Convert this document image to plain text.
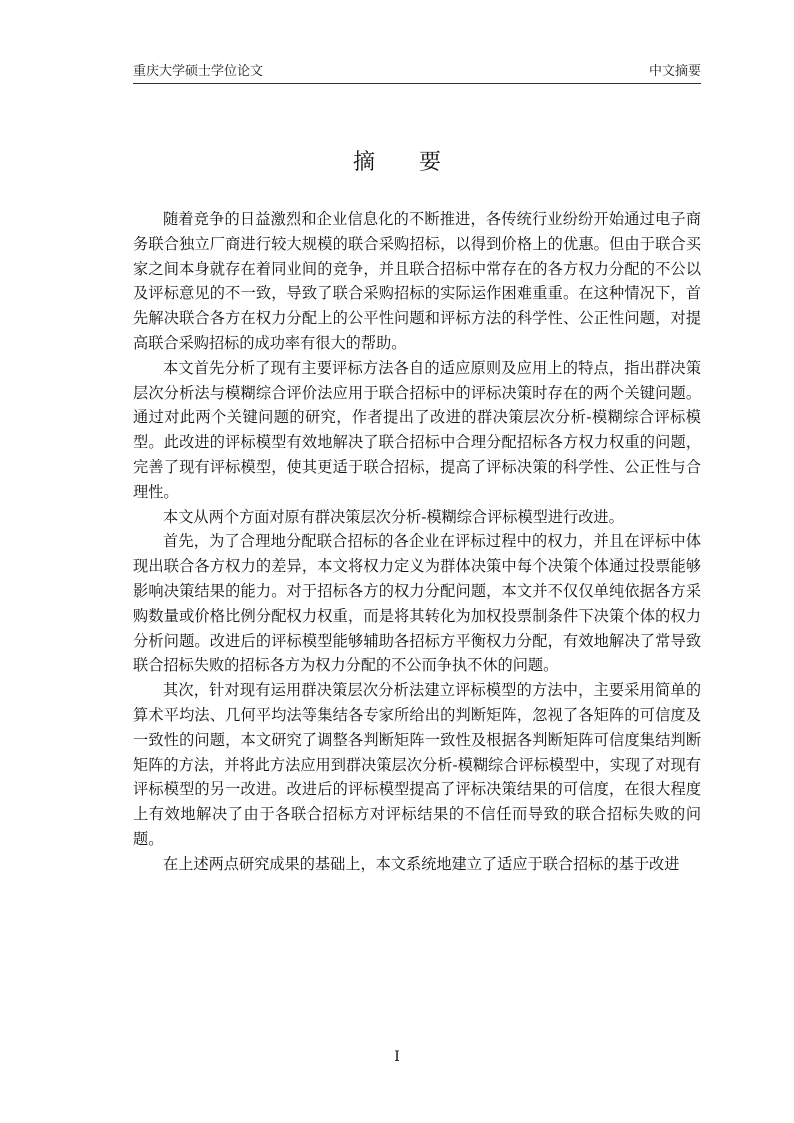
重庆大学硕士学位论文	中文摘要
摘要

随着竞争的日益激烈和企业信息化的不断推进，各传统行业纷纷开始通过电子商务联合独立厂商进行较大规模的联合采购招标，以得到价格上的优惠。但由于联合买家之间本身就存在着同业间的竞争，并且联合招标中常存在的各方权力分配的不公以及评标意见的不一致，导致了联合采购招标的实际运作困难重重。在这种情况下，首先解决联合各方在权力分配上的公平性问题和评标方法的科学性、公正性问题，对提高联合采购招标的成功率有很大的帮助。

本文首先分析了现有主要评标方法各自的适应原则及应用上的特点，指出群决策层次分析法与模糊综合评价法应用于联合招标中的评标决策时存在的两个关键问题。通过对此两个关键问题的研究，作者提出了改进的群决策层次分析-模糊综合评标模型。此改进的评标模型有效地解决了联合招标中合理分配招标各方权力权重的问题，完善了现有评标模型，使其更适于联合招标，提高了评标决策的科学性、公正性与合理性。

本文从两个方面对原有群决策层次分析-模糊综合评标模型进行改进。

首先，为了合理地分配联合招标的各企业在评标过程中的权力，并且在评标中体现出联合各方权力的差异，本文将权力定义为群体决策中每个决策个体通过投票能够影响决策结果的能力。对于招标各方的权力分配问题，本文并不仅仅单纯依据各方采购数量或价格比例分配权力权重，而是将其转化为加权投票制条件下决策个体的权力分析问题。改进后的评标模型能够辅助各招标方平衡权力分配，有效地解决了常导致联合招标失败的招标各方为权力分配的不公而争执不休的问题。

其次，针对现有运用群决策层次分析法建立评标模型的方法中，主要采用简单的算术平均法、几何平均法等集结各专家所给出的判断矩阵，忽视了各矩阵的可信度及一致性的问题，本文研究了调整各判断矩阵一致性及根据各判断矩阵可信度集结判断矩阵的方法，并将此方法应用到群决策层次分析-模糊综合评标模型中，实现了对现有评标模型的另一改进。改进后的评标模型提高了评标决策结果的可信度，在很大程度上有效地解决了由于各联合招标方对评标结果的不信任而导致的联合招标失败的问题。

在上述两点研究成果的基础上，本文系统地建立了适应于联合招标的基于改进

I
